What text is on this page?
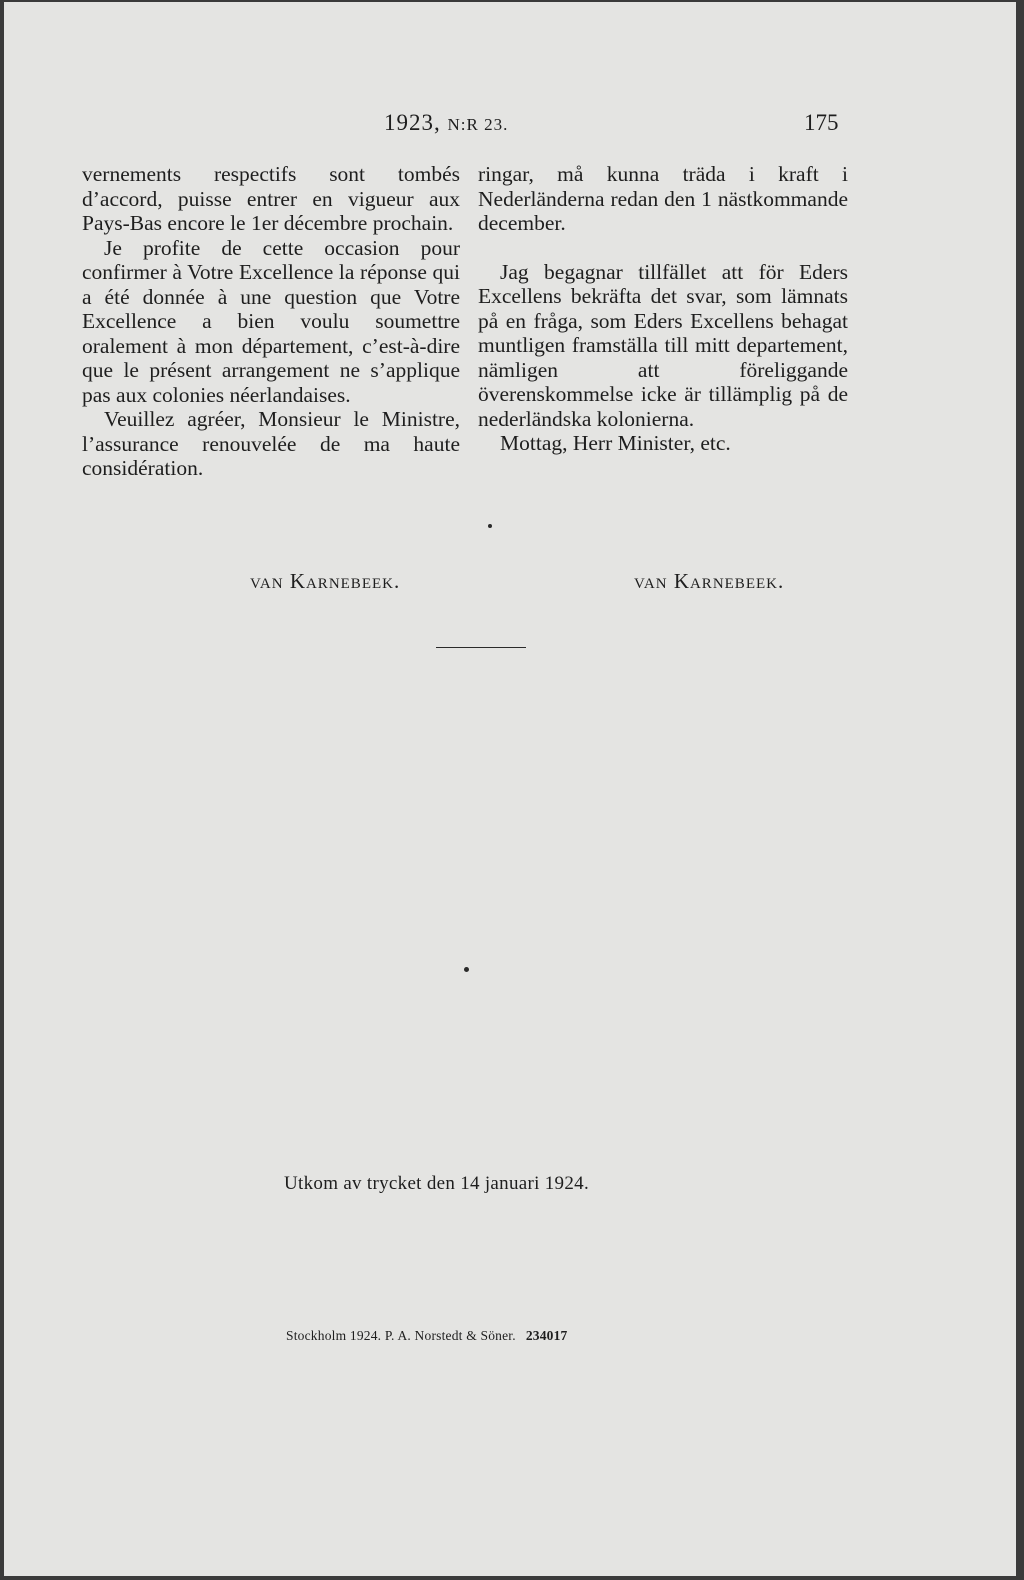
1923, N:R 23.	175

vernements respectifs sont tombés d’accord, puisse entrer en vigueur aux Pays-Bas encore le 1er décembre prochain.

Je profite de cette occasion pour confirmer à Votre Excellence la réponse qui a été donnée à une question que Votre Excellence a bien voulu soumettre oralement à mon département, c’est-à-dire que le présent arrangement ne s’applique pas aux colonies néerlandaises.

Veuillez agréer, Monsieur le Ministre, l’assurance renouvelée de ma haute considération.

ringar, må kunna träda i kraft i Nederländerna redan den 1 nästkommande december.

Jag begagnar tillfället att för Eders Excellens bekräfta det svar, som lämnats på en fråga, som Eders Excellens behagat muntligen framställa till mitt departement, nämligen att föreliggande överenskommelse icke är tillämplig på de nederländska kolonierna.

Mottag, Herr Minister, etc.

van Karnebeek.	van Karnebeek.
Utkom av trycket den 14 januari 1924.
Stockholm 1924. P. A. Norstedt & Söner. 234017
